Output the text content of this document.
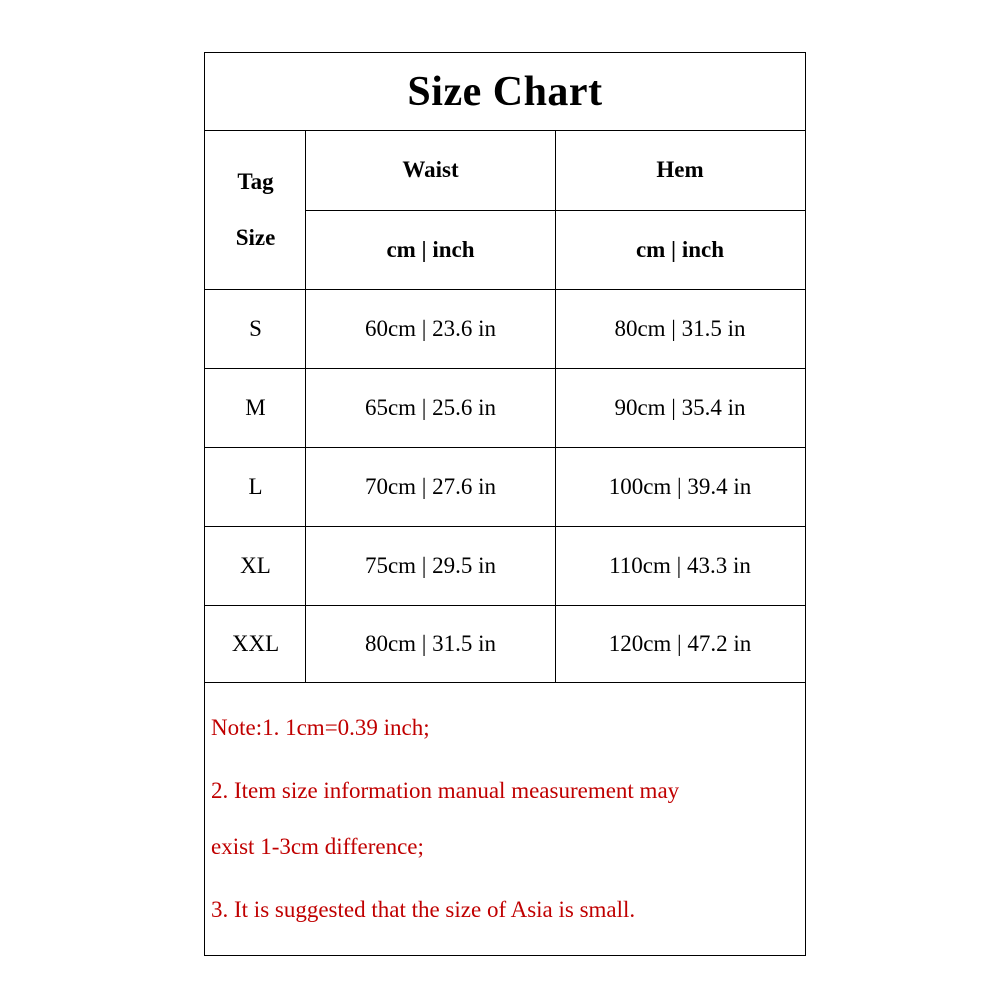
Size Chart
Tag
Size
Waist	Hem
cm | inch	cm | inch
S	60cm | 23.6 in	80cm | 31.5 in
M	65cm | 25.6 in	90cm | 35.4 in
L	70cm | 27.6 in	100cm | 39.4 in
XL	75cm | 29.5 in	110cm | 43.3 in
XXL	80cm | 31.5 in	120cm | 47.2 in
Note:1. 1cm=0.39 inch;
2. Item size information manual measurement may
exist 1-3cm difference;
3. It is suggested that the size of Asia is small.
